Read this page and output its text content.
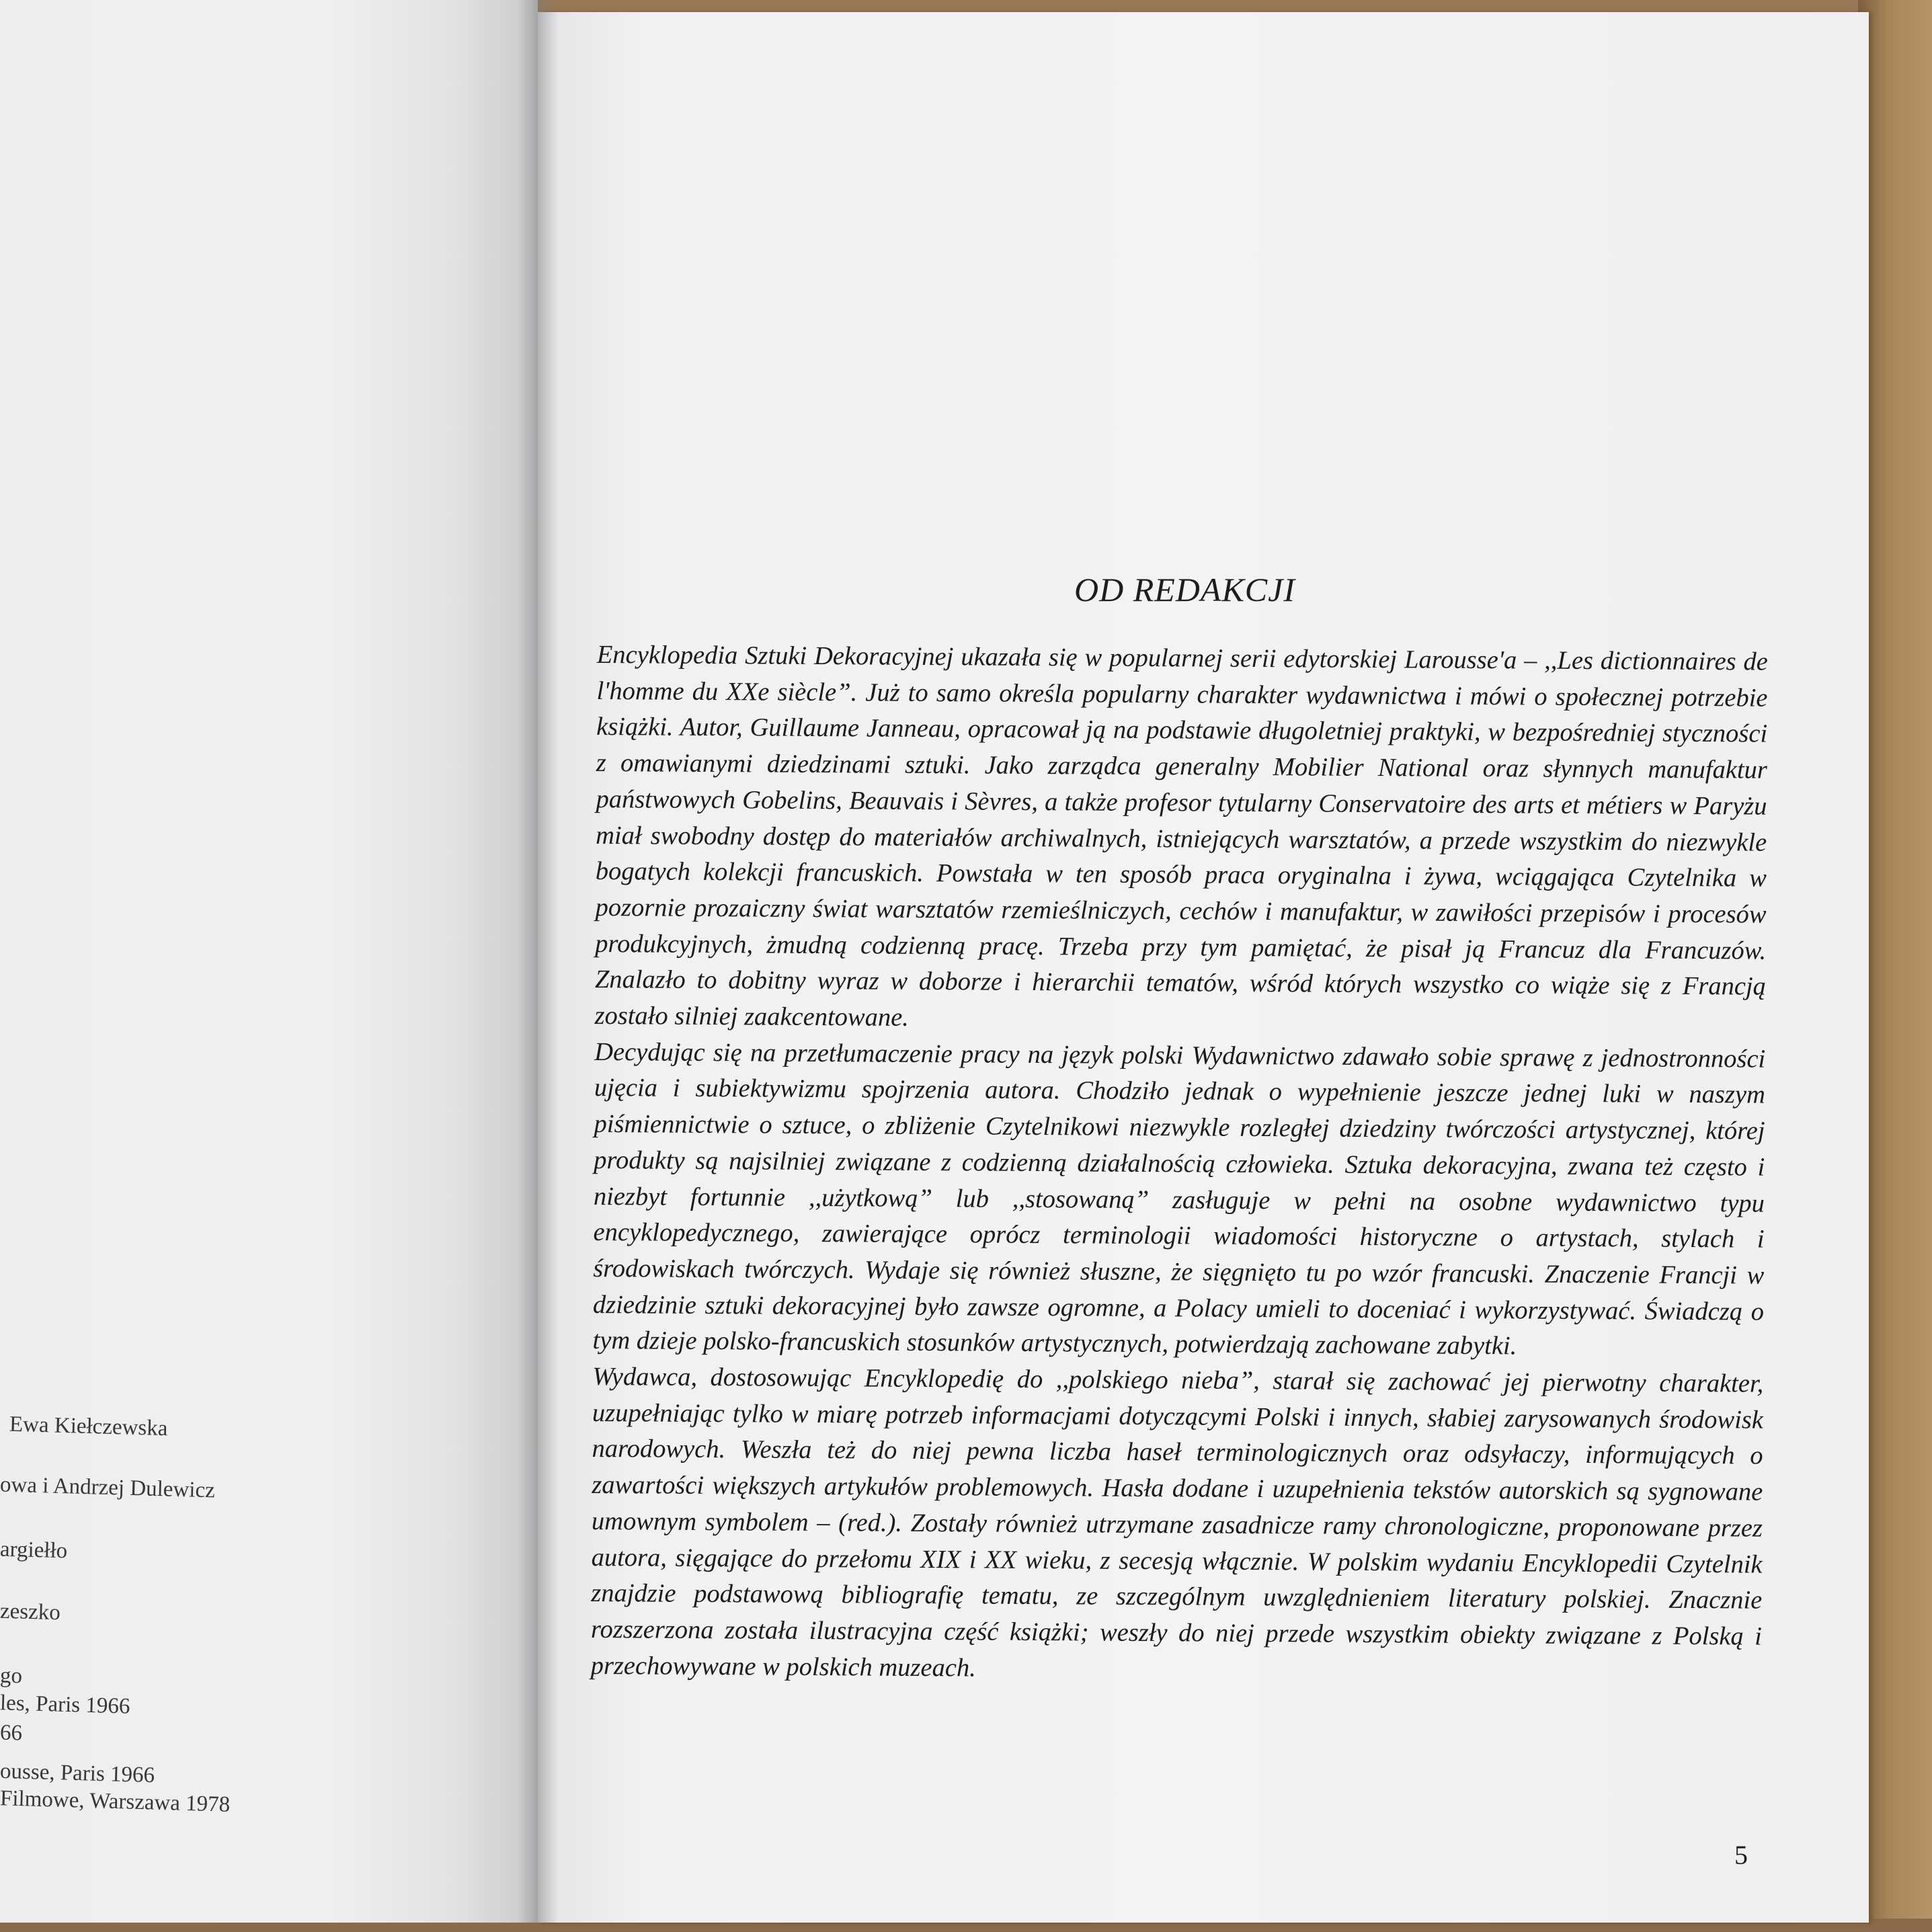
Ewa Kiełczewska
owa i Andrzej Dulewicz
argiełło
zeszko
go
les, Paris 1966
66
ousse, Paris 1966
Filmowe, Warszawa 1978
OD REDAKCJI

Encyklopedia Sztuki Dekoracyjnej ukazała się w popularnej serii edytorskiej Larousse'a – ,,Les dictionnaires de l'homme du XXe siècle”. Już to samo określa popularny charakter wydawnictwa i mówi o społecznej potrzebie książki. Autor, Guillaume Janneau, opracował ją na podstawie długoletniej praktyki, w bezpośredniej styczności z omawianymi dziedzinami sztuki. Jako zarządca generalny Mobilier National oraz słynnych manufaktur państwowych Gobelins, Beauvais i Sèvres, a także profesor tytularny Conservatoire des arts et métiers w Paryżu miał swobodny dostęp do materiałów archiwalnych, istniejących warsztatów, a przede wszystkim do niezwykle bogatych kolekcji francuskich. Powstała w ten sposób praca oryginalna i żywa, wciągająca Czytelnika w pozornie prozaiczny świat warsztatów rzemieślniczych, cechów i manufaktur, w zawiłości przepisów i procesów produkcyjnych, żmudną codzienną pracę. Trzeba przy tym pamiętać, że pisał ją Francuz dla Francuzów. Znalazło to dobitny wyraz w doborze i hierarchii tematów, wśród których wszystko co wiąże się z Francją zostało silniej zaakcentowane.

Decydując się na przetłumaczenie pracy na język polski Wydawnictwo zdawało sobie sprawę z jednostronności ujęcia i subiektywizmu spojrzenia autora. Chodziło jednak o wypełnienie jeszcze jednej luki w naszym piśmiennictwie o sztuce, o zbliżenie Czytelnikowi niezwykle rozległej dziedziny twórczości artystycznej, której produkty są najsilniej związane z codzienną działalnością człowieka. Sztuka dekoracyjna, zwana też często i niezbyt fortunnie ,,użytkową” lub ,,stosowaną” zasługuje w pełni na osobne wydawnictwo typu encyklopedycznego, zawierające oprócz terminologii wiadomości historyczne o artystach, stylach i środowiskach twórczych. Wydaje się również słuszne, że sięgnięto tu po wzór francuski. Znaczenie Francji w dziedzinie sztuki dekoracyjnej było zawsze ogromne, a Polacy umieli to doceniać i wykorzystywać. Świadczą o tym dzieje polsko-francuskich stosunków artystycznych, potwierdzają zachowane zabytki.

Wydawca, dostosowując Encyklopedię do ,,polskiego nieba”, starał się zachować jej pierwotny charakter, uzupełniając tylko w miarę potrzeb informacjami dotyczącymi Polski i innych, słabiej zarysowanych środowisk narodowych. Weszła też do niej pewna liczba haseł terminologicznych oraz odsyłaczy, informujących o zawartości większych artykułów problemowych. Hasła dodane i uzupełnienia tekstów autorskich są sygnowane umownym symbolem – (red.). Zostały również utrzymane zasadnicze ramy chronologiczne, proponowane przez autora, sięgające do przełomu XIX i XX wieku, z secesją włącznie. W polskim wydaniu Encyklopedii Czytelnik znajdzie podstawową bibliografię tematu, ze szczególnym uwzględnieniem literatury polskiej. Znacznie rozszerzona została ilustracyjna część książki; weszły do niej przede wszystkim obiekty związane z Polską i przechowywane w polskich muzeach.

5
